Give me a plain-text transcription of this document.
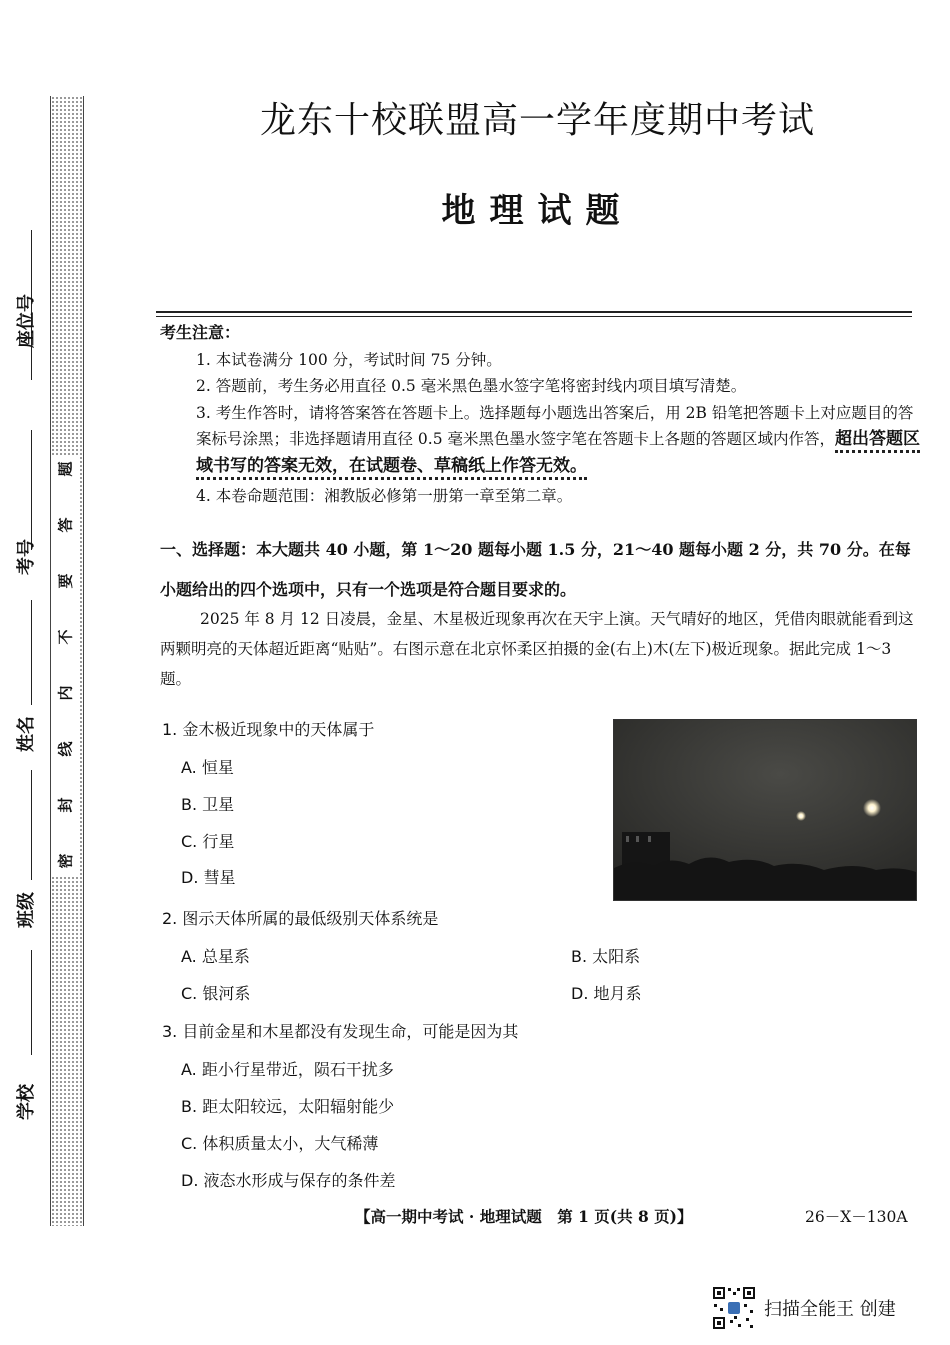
题
答
要
不
内
线
封
密
座位号
考号
姓名
班级
学校
龙东十校联盟高一学年度期中考试
地理试题
考生注意：
1. 本试卷满分 100 分，考试时间 75 分钟。
2. 答题前，考生务必用直径 0.5 毫米黑色墨水签字笔将密封线内项目填写清楚。
3. 考生作答时，请将答案答在答题卡上。选择题每小题选出答案后，用 2B 铅笔把答题卡上对应题目的答案标号涂黑；非选择题请用直径 0.5 毫米黑色墨水签字笔在答题卡上各题的答题区域内作答，超出答题区域书写的答案无效，在试题卷、草稿纸上作答无效。
4. 本卷命题范围：湘教版必修第一册第一章至第二章。
一、选择题：本大题共 40 小题，第 1～20 题每小题 1.5 分，21～40 题每小题 2 分，共 70 分。在每小题给出的四个选项中，只有一个选项是符合题目要求的。
2025 年 8 月 12 日凌晨，金星、木星极近现象再次在天宇上演。天气晴好的地区，凭借肉眼就能看到这两颗明亮的天体超近距离“贴贴”。右图示意在北京怀柔区拍摄的金(右上)木(左下)极近现象。据此完成 1～3 题。
1. 金木极近现象中的天体属于
A. 恒星
B. 卫星
C. 行星
D. 彗星
2. 图示天体所属的最低级别天体系统是
A. 总星系	B. 太阳系
C. 银河系	D. 地月系
3. 目前金星和木星都没有发现生命，可能是因为其
A. 距小行星带近，陨石干扰多
B. 距太阳较远，太阳辐射能少
C. 体积质量太小，大气稀薄
D. 液态水形成与保存的条件差
【高一期中考试 · 地理试题　第 1 页(共 8 页)】	26－X－130A
扫描全能王 创建
